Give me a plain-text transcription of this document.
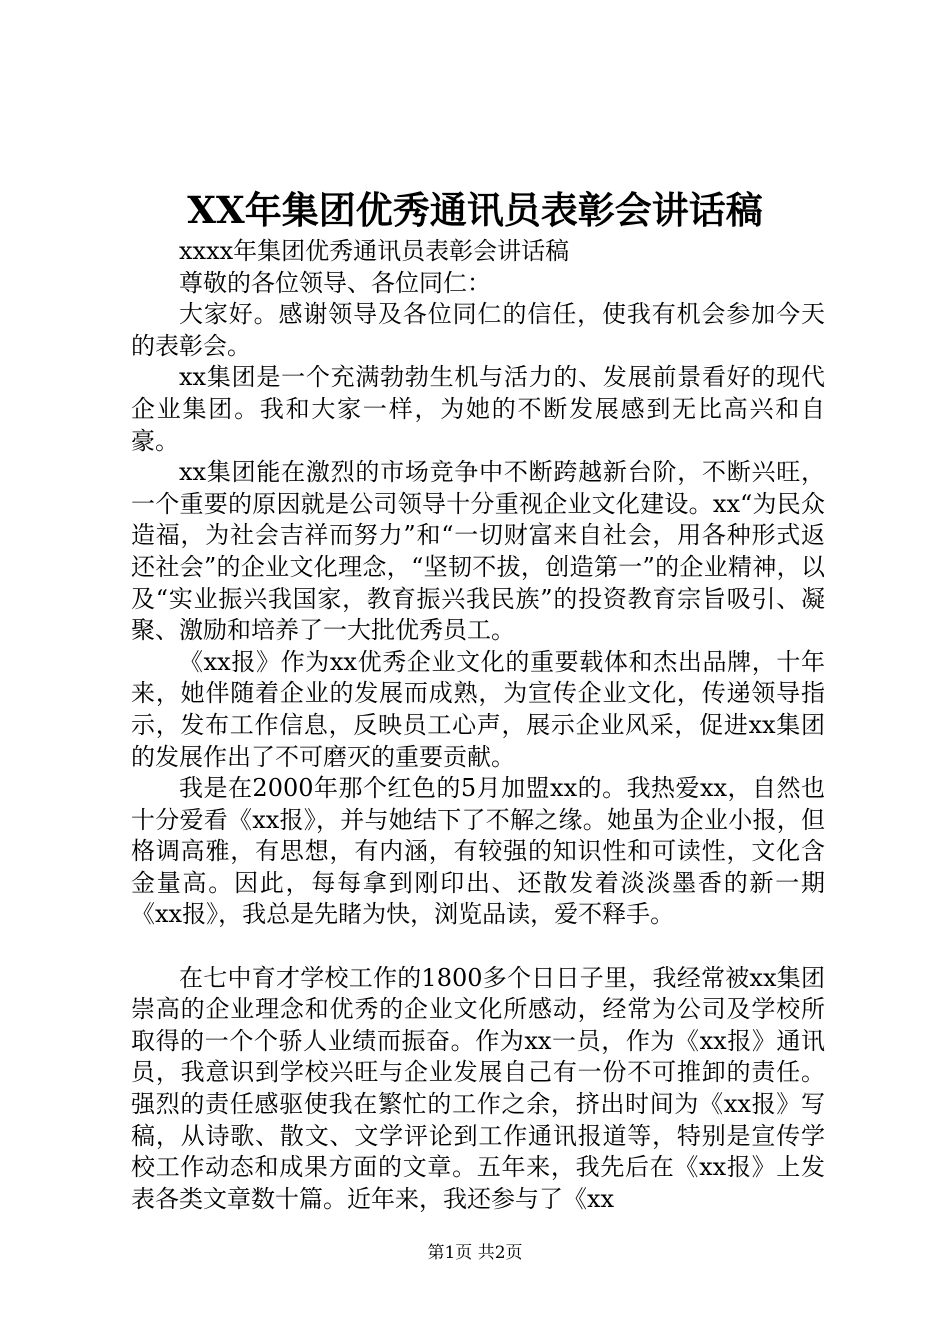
XX年集团优秀通讯员表彰会讲话稿

xxxx年集团优秀通讯员表彰会讲话稿

尊敬的各位领导、各位同仁：

大家好。感谢领导及各位同仁的信任，使我有机会参加今天的表彰会。

xx集团是一个充满勃勃生机与活力的、发展前景看好的现代企业集团。我和大家一样，为她的不断发展感到无比高兴和自豪。

xx集团能在激烈的市场竞争中不断跨越新台阶，不断兴旺，一个重要的原因就是公司领导十分重视企业文化建设。xx“为民众造福，为社会吉祥而努力”和“一切财富来自社会，用各种形式返还社会”的企业文化理念，“坚韧不拔，创造第一”的企业精神，以及“实业振兴我国家，教育振兴我民族”的投资教育宗旨吸引、凝聚、激励和培养了一大批优秀员工。

《xx报》作为xx优秀企业文化的重要载体和杰出品牌，十年来，她伴随着企业的发展而成熟，为宣传企业文化，传递领导指示，发布工作信息，反映员工心声，展示企业风采，促进xx集团的发展作出了不可磨灭的重要贡献。

我是在2000年那个红色的5月加盟xx的。我热爱xx，自然也十分爱看《xx报》，并与她结下了不解之缘。她虽为企业小报，但格调高雅，有思想，有内涵，有较强的知识性和可读性，文化含金量高。因此，每每拿到刚印出、还散发着淡淡墨香的新一期《xx报》，我总是先睹为快，浏览品读，爱不释手。

在七中育才学校工作的1800多个日日子里，我经常被xx集团崇高的企业理念和优秀的企业文化所感动，经常为公司及学校所取得的一个个骄人业绩而振奋。作为xx一员，作为《xx报》通讯员，我意识到学校兴旺与企业发展自己有一份不可推卸的责任。强烈的责任感驱使我在繁忙的工作之余，挤出时间为《xx报》写稿，从诗歌、散文、文学评论到工作通讯报道等，特别是宣传学校工作动态和成果方面的文章。五年来，我先后在《xx报》上发表各类文章数十篇。近年来，我还参与了《xx

第1页 共2页
